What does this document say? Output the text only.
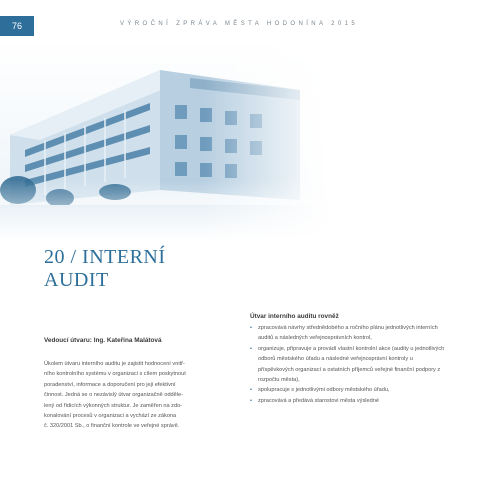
76	VÝROČNÍ ZPRÁVA MĚSTA HODONÍNA 2015
20 / INTERNÍ
AUDIT
Vedoucí útvaru: Ing. Kateřina Malátová
Úkolem útvaru interního auditu je zajistit hodnocení vnitř-
ního kontrolního systému v organizaci s cílem poskytnout
poradenství, informace a doporučení pro jeji efektivní
činnost. Jedná se o nezávislý útvar organizačně odděle-
lený od řídicích výkonných struktur. Je zaměřen na zdo-
konalování procesů v organizaci a vychází ze zákona
č. 320/2001 Sb., o finanční kontrole ve veřejné správě.
Útvar interního auditu rovněž
• zpracovává návrhy střednědobého a ročního plánu jednotlivých interních auditů a následných veřejnosprávních kontrol,
• organizuje, připravuje a provádí vlastní kontrolní akce (audity u jednotlivých odborů městského úřadu a následné veřejnosprávní kontroly u příspěvkových organizací a ostatních příjemců veřejné finanční podpory z rozpočtu města),
• spolupracuje s jednotlivými odbory městského úřadu,
• zpracovává a předává starostovi města výsledné
